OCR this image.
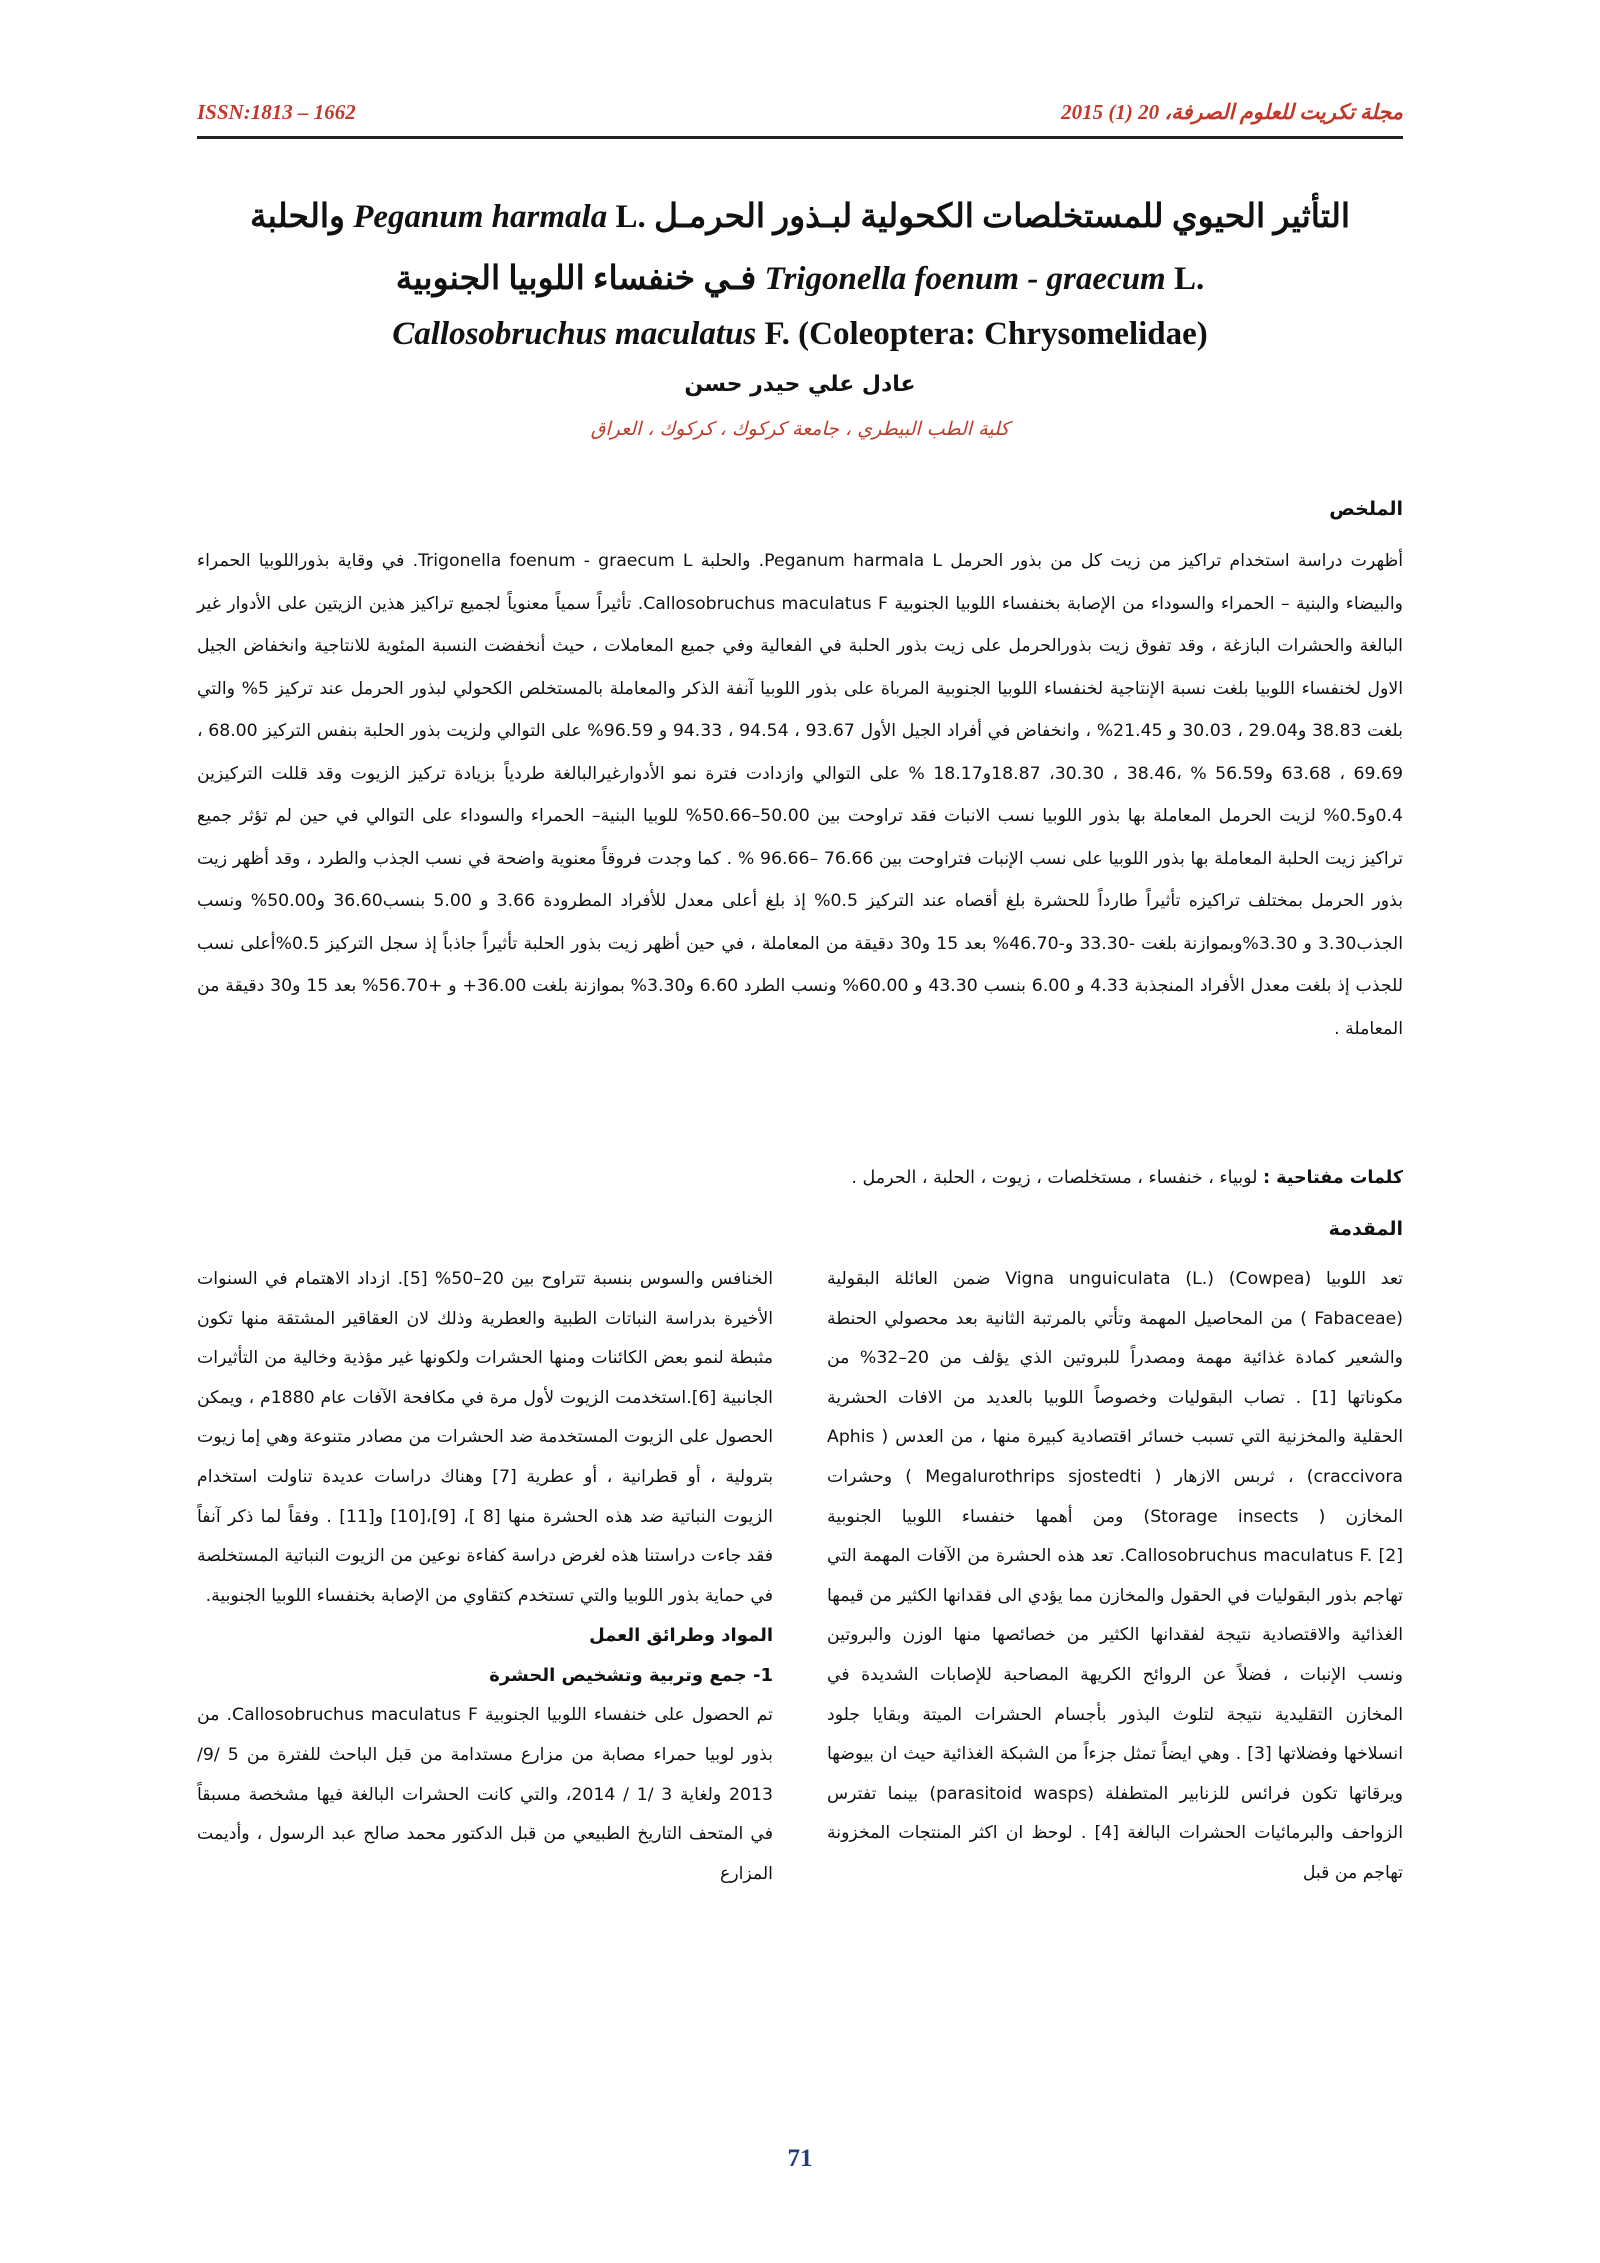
ISSN:1813 – 1662	مجلة تكريت للعلوم الصرفة، 20 (1) 2015
التأثير الحيوي للمستخلصات الكحولية لبـذور الحرمـل Peganum harmala L. والحلبة
Trigonella foenum - graecum L. فـي خنفساء اللوبيا الجنوبية
Callosobruchus maculatus F. (Coleoptera: Chrysomelidae)
عادل علي حيدر حسن
كلية الطب البيطري ، جامعة كركوك ، كركوك ، العراق
الملخص
أظهرت دراسة استخدام تراكيز من زيت كل من بذور الحرمل Peganum harmala L. والحلبة Trigonella foenum - graecum L. في وقاية بذوراللوبيا الحمراء والبيضاء والبنية – الحمراء والسوداء من الإصابة بخنفساء اللوبيا الجنوبية Callosobruchus maculatus F. تأثيراً سمياً معنوياً لجميع تراكيز هذين الزيتين على الأدوار غير البالغة والحشرات البازغة ، وقد تفوق زيت بذورالحرمل على زيت بذور الحلبة في الفعالية وفي جميع المعاملات ، حيث أنخفضت النسبة المئوية للانتاجية وانخفاض الجيل الاول لخنفساء اللوبيا بلغت نسبة الإنتاجية لخنفساء اللوبيا الجنوبية المرباة على بذور اللوبيا آنفة الذكر والمعاملة بالمستخلص الكحولي لبذور الحرمل عند تركيز 5% والتي بلغت 38.83 و29.04 ، 30.03 و 21.45% ، وانخفاض في أفراد الجيل الأول 93.67 ، 94.54 ، 94.33 و 96.59% على التوالي ولزيت بذور الحلبة بنفس التركيز 68.00 ، 69.69 ، 63.68 و56.59 % ،38.46 ، 30.30، 18.87و18.17 % على التوالي وازدادت فترة نمو الأدوارغيرالبالغة طردياً بزيادة تركيز الزيوت وقد قللت التركيزين 0.4و0.5% لزيت الحرمل المعاملة بها بذور اللوبيا نسب الانبات فقد تراوحت بين 50.00–50.66% للوبيا البنية– الحمراء والسوداء على التوالي في حين لم تؤثر جميع تراكيز زيت الحلبة المعاملة بها بذور اللوبيا على نسب الإنبات فتراوحت بين 76.66 –96.66 % . كما وجدت فروقاً معنوية واضحة في نسب الجذب والطرد ، وقد أظهر زيت بذور الحرمل بمختلف تراكيزه تأثيراً طارداً للحشرة بلغ أقصاه عند التركيز 0.5% إذ بلغ أعلى معدل للأفراد المطرودة 3.66 و 5.00 بنسب36.60 و50.00% ونسب الجذب3.30 و 3.30%وبموازنة بلغت -33.30 و-46.70% بعد 15 و30 دقيقة من المعاملة ، في حين أظهر زيت بذور الحلبة تأثيراً جاذباً إذ سجل التركيز 0.5%أعلى نسب للجذب إذ بلغت معدل الأفراد المنجذبة 4.33 و 6.00 بنسب 43.30 و 60.00% ونسب الطرد 6.60 و3.30% بموازنة بلغت 36.00+ و +56.70% بعد 15 و30 دقيقة من المعاملة .
كلمات مفتاحية : لوبياء ، خنفساء ، مستخلصات ، زيوت ، الحلبة ، الحرمل .
المقدمة
تعد اللوبيا (Cowpea) Vigna unguiculata (L.) ضمن العائلة البقولية (Fabaceae ) من المحاصيل المهمة وتأتي بالمرتبة الثانية بعد محصولي الحنطة والشعير كمادة غذائية مهمة ومصدراً للبروتين الذي يؤلف من 20–32% من مكوناتها [1] . تصاب البقوليات وخصوصاً اللوبيا بالعديد من الافات الحشرية الحقلية والمخزنية التي تسبب خسائر اقتصادية كبيرة منها ، من العدس ( Aphis craccivora) ، ثربس الازهار ( Megalurothrips sjostedti ) وحشرات المخازن ( Storage insects) ومن أهمها خنفساء اللوبيا الجنوبية Callosobruchus maculatus F. [2]. تعد هذه الحشرة من الآفات المهمة التي تهاجم بذور البقوليات في الحقول والمخازن مما يؤدي الى فقدانها الكثير من قيمها الغذائية والاقتصادية نتيجة لفقدانها الكثير من خصائصها منها الوزن والبروتين ونسب الإنبات ، فضلاً عن الروائح الكريهة المصاحبة للإصابات الشديدة في المخازن التقليدية نتيجة لتلوث البذور بأجسام الحشرات الميتة وبقايا جلود انسلاخها وفضلاتها [3] . وهي ايضاً تمثل جزءاً من الشبكة الغذائية حيث ان بيوضها ويرقاتها تكون فرائس للزنابير المتطفلة (parasitoid wasps) بينما تفترس الزواحف والبرمائيات الحشرات البالغة [4] . لوحظ ان اكثر المنتجات المخزونة تهاجم من قبل
الخنافس والسوس بنسبة تتراوح بين 20–50% [5]. ازداد الاهتمام في السنوات الأخيرة بدراسة النباتات الطبية والعطرية وذلك لان العقاقير المشتقة منها تكون مثبطة لنمو بعض الكائنات ومنها الحشرات ولكونها غير مؤذية وخالية من التأثيرات الجانبية [6].استخدمت الزيوت لأول مرة في مكافحة الآفات عام 1880م ، ويمكن الحصول على الزيوت المستخدمة ضد الحشرات من مصادر متنوعة وهي إما زيوت بترولية ، أو قطرانية ، أو عطرية [7] وهناك دراسات عديدة تناولت استخدام الزيوت النباتية ضد هذه الحشرة منها [8 ]، [9]،[10] و[11] . وفقاً لما ذكر آنفاً فقد جاءت دراستنا هذه لغرض دراسة كفاءة نوعين من الزيوت النباتية المستخلصة في حماية بذور اللوبيا والتي تستخدم كتقاوي من الإصابة بخنفساء اللوبيا الجنوبية.
المواد وطرائق العمل
1- جمع وتربية وتشخيص الحشرة
تم الحصول على خنفساء اللوبيا الجنوبية Callosobruchus maculatus F. من بذور لوبيا حمراء مصابة من مزارع مستدامة من قبل الباحث للفترة من 5 /9/ 2013 ولغاية 3 /1 / 2014، والتي كانت الحشرات البالغة فيها مشخصة مسبقاً في المتحف التاريخ الطبيعي من قبل الدكتور محمد صالح عبد الرسول ، وأديمت المزارع
71
